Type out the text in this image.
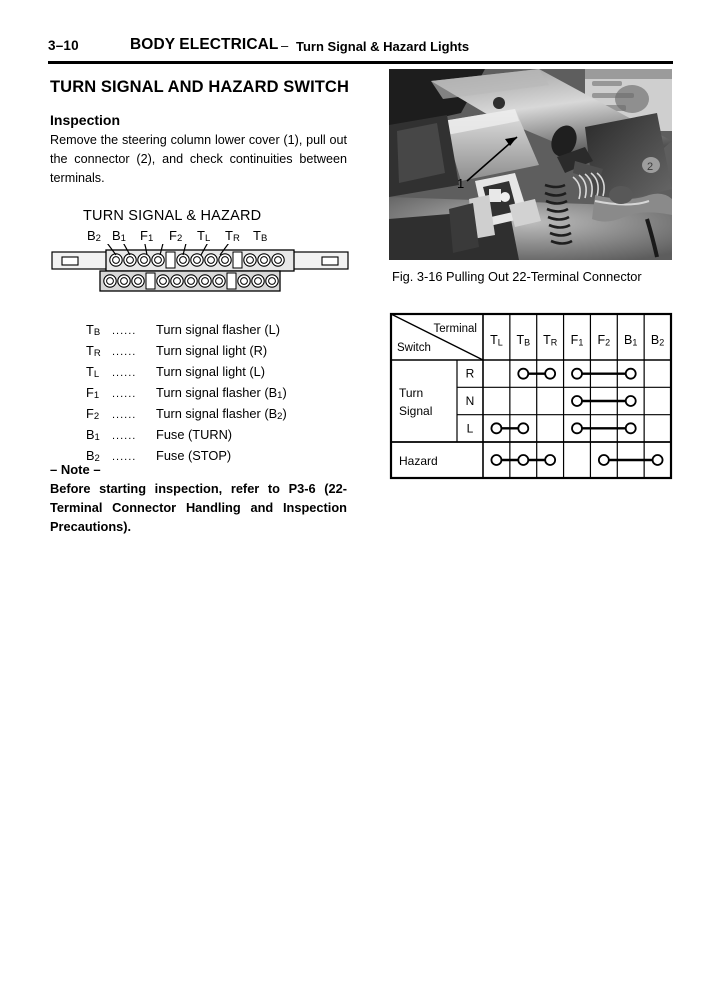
3–10	BODY ELECTRICAL – Turn Signal & Hazard Lights
TURN SIGNAL AND HAZARD SWITCH
Inspection
Remove the steering column lower cover (1), pull out the connector (2), and check continuities between terminals.
TURN SIGNAL & HAZARD
$B_2$ $B_1$ $F_1$ $F_2$ $T_L$ $T_R$ $T_B$
$T_B$ ...... Turn signal flasher (L)
$T_R$ ...... Turn signal light (R)
$T_L$ ...... Turn signal light (L)
$F_1$ ...... Turn signal flasher $(B_1)$
$F_2$ ...... Turn signal flasher $(B_2)$
$B_1$ ...... Fuse (TURN)
$B_2$ ...... Fuse (STOP)
– Note –
Before starting inspection, refer to P3-6 (22-Terminal Connector Handling and Inspection Precautions).
2
1
Fig. 3-16 Pulling Out 22-Terminal Connector
Terminal
Switch
TL TB TR F1 F2 B1 B2
Turn
Signal
R
N
L
Hazard
